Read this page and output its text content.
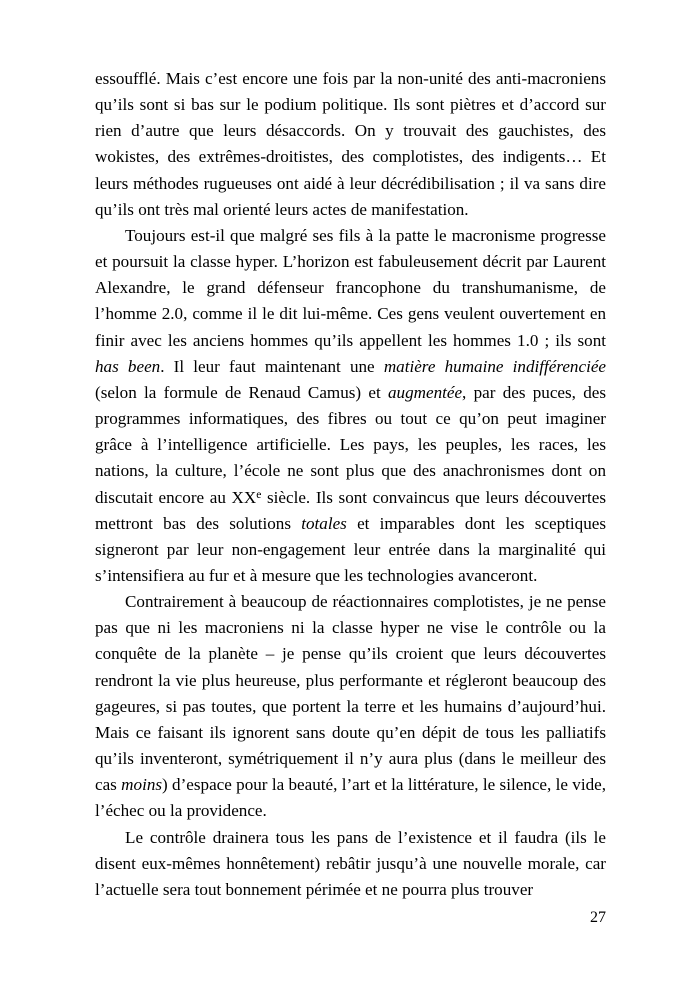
essoufflé. Mais c’est encore une fois par la non-unité des anti-macroniens qu’ils sont si bas sur le podium politique. Ils sont piètres et d’accord sur rien d’autre que leurs désaccords. On y trouvait des gauchistes, des wokistes, des extrêmes-droitistes, des complotistes, des indigents… Et leurs méthodes rugueuses ont aidé à leur décrédibilisation ; il va sans dire qu’ils ont très mal orienté leurs actes de manifestation.

Toujours est-il que malgré ses fils à la patte le macronisme progresse et poursuit la classe hyper. L’horizon est fabuleusement décrit par Laurent Alexandre, le grand défenseur francophone du transhumanisme, de l’homme 2.0, comme il le dit lui-même. Ces gens veulent ouvertement en finir avec les anciens hommes qu’ils appellent les hommes 1.0 ; ils sont has been. Il leur faut maintenant une matière humaine indifférenciée (selon la formule de Renaud Camus) et augmentée, par des puces, des programmes informatiques, des fibres ou tout ce qu’on peut imaginer grâce à l’intelligence artificielle. Les pays, les peuples, les races, les nations, la culture, l’école ne sont plus que des anachronismes dont on discutait encore au XXe siècle. Ils sont convaincus que leurs découvertes mettront bas des solutions totales et imparables dont les sceptiques signeront par leur non-engagement leur entrée dans la marginalité qui s’intensifiera au fur et à mesure que les technologies avanceront.

Contrairement à beaucoup de réactionnaires complotistes, je ne pense pas que ni les macroniens ni la classe hyper ne vise le contrôle ou la conquête de la planète – je pense qu’ils croient que leurs découvertes rendront la vie plus heureuse, plus performante et régleront beaucoup des gageures, si pas toutes, que portent la terre et les humains d’aujourd’hui. Mais ce faisant ils ignorent sans doute qu’en dépit de tous les palliatifs qu’ils inventeront, symétriquement il n’y aura plus (dans le meilleur des cas moins) d’espace pour la beauté, l’art et la littérature, le silence, le vide, l’échec ou la providence.

Le contrôle drainera tous les pans de l’existence et il faudra (ils le disent eux-mêmes honnêtement) rebâtir jusqu’à une nouvelle morale, car l’actuelle sera tout bonnement périmée et ne pourra plus trouver

27
